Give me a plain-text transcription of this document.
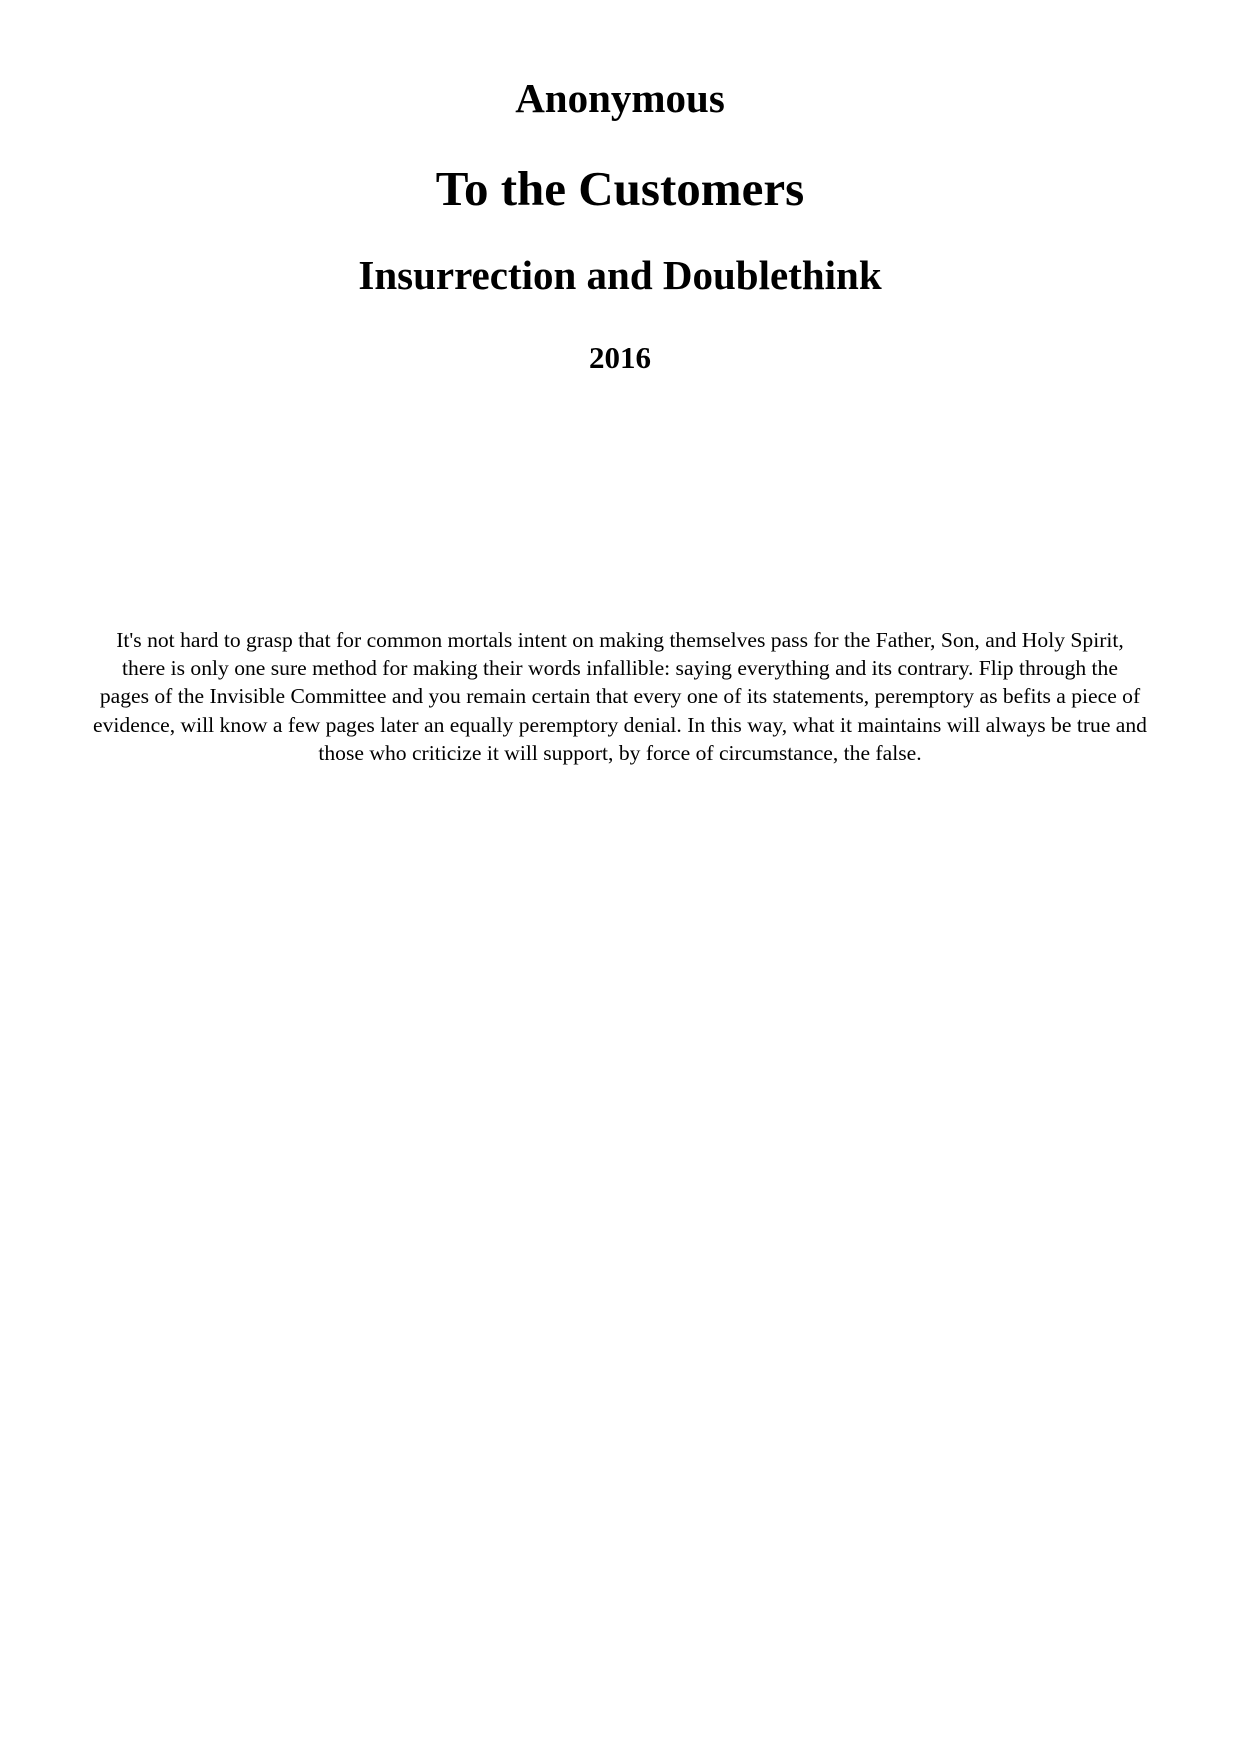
Anonymous
To the Customers
Insurrection and Doublethink
2016
It's not hard to grasp that for common mortals intent on making themselves pass for the Father, Son, and Holy Spirit,
there is only one sure method for making their words infallible: saying everything and its contrary. Flip through the
pages of the Invisible Committee and you remain certain that every one of its statements, peremptory as befits a piece of
evidence, will know a few pages later an equally peremptory denial. In this way, what it maintains will always be true and
those who criticize it will support, by force of circumstance, the false.
